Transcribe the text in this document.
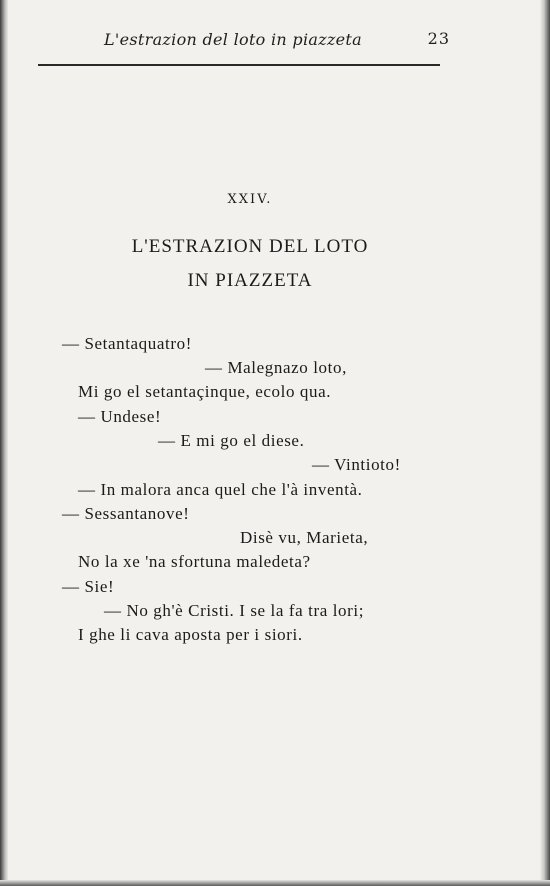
L'estrazion del loto in piazzeta	23
XXIV.
L'ESTRAZION DEL LOTO
IN PIAZZETA
— Setantaquatro!
— Malegnazo loto,
Mi go el setantaçinque, ecolo qua.
— Undese!
— E mi go el diese.
— Vintioto!
— In malora anca quel che l'à inventà.
— Sessantanove!
Disè vu, Marieta,
No la xe 'na sfortuna maledeta?
— Sie!
— No gh'è Cristi. I se la fa tra lori;
I ghe li cava aposta per i siori.
